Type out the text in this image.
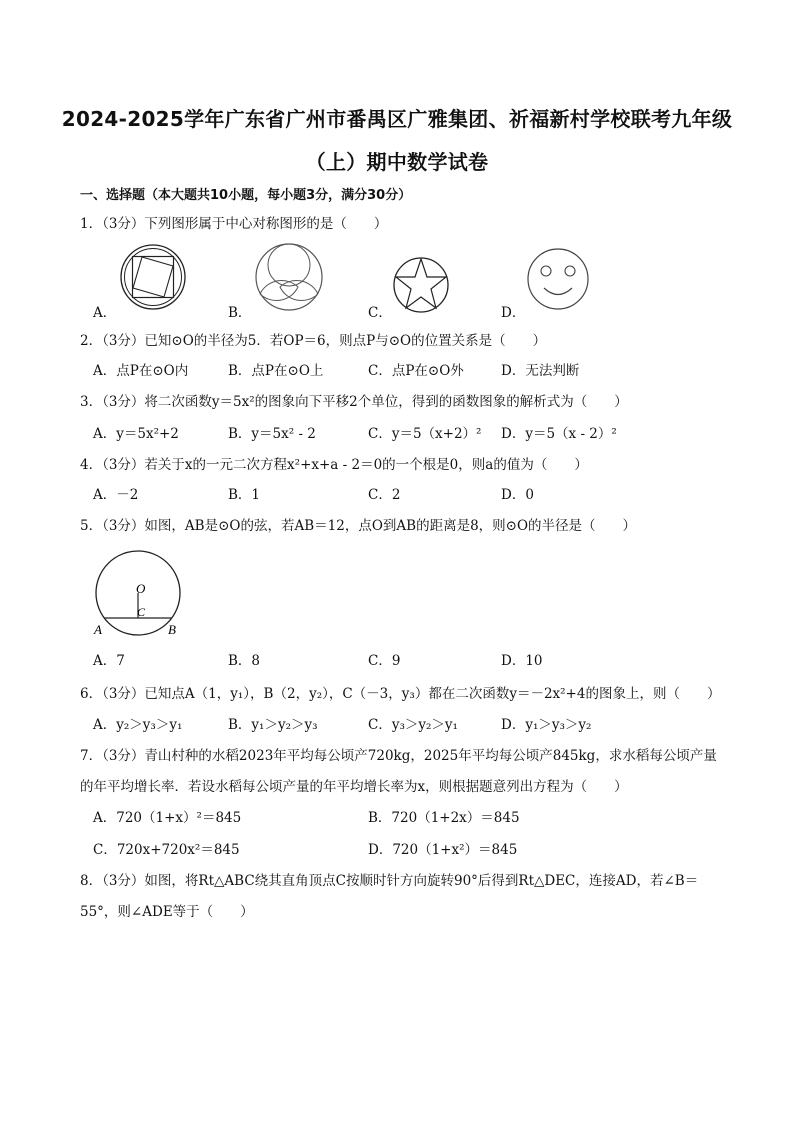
2024-2025学年广东省广州市番禺区广雅集团、祈福新村学校联考九年级
（上）期中数学试卷
一、选择题（本大题共10小题，每小题3分，满分30分）
1．（3分）下列图形属于中心对称图形的是（　　）
A．	B．	C．	D．
2．（3分）已知⊙O的半径为5．若OP＝6，则点P与⊙O的位置关系是（　　）
A．点P在⊙O内	B．点P在⊙O上	C．点P在⊙O外	D．无法判断
3．（3分）将二次函数y＝5x²的图象向下平移2个单位，得到的函数图象的解析式为（　　）
A．y＝5x²+2	B．y＝5x² - 2	C．y＝5（x+2）² D．y＝5（x - 2）²
4．（3分）若关于x的一元二次方程x²+x+a - 2＝0的一个根是0，则a的值为（　　）
A．－2	B．1	C．2	D．0
5．（3分）如图，AB是⊙O的弦，若AB＝12，点O到AB的距离是8，则⊙O的半径是（　　）
O
C
A	B
A．7	B．8	C．9	D．10
6．（3分）已知点A（1，y₁），B（2，y₂），C（－3，y₃）都在二次函数y＝－2x²+4的图象上，则（　　）
A．y₂＞y₃＞y₁	B．y₁＞y₂＞y₃	C．y₃＞y₂＞y₁	D．y₁＞y₃＞y₂
7．（3分）青山村种的水稻2023年平均每公顷产720kg，2025年平均每公顷产845kg，求水稻每公顷产量
的年平均增长率．若设水稻每公顷产量的年平均增长率为x，则根据题意列出方程为（　　）
A．720（1+x）²＝845	B．720（1+2x）＝845
C．720x+720x²＝845	D．720（1+x²）＝845
8．（3分）如图，将Rt△ABC绕其直角顶点C按顺时针方向旋转90°后得到Rt△DEC，连接AD，若∠B＝
55°，则∠ADE等于（　　）
